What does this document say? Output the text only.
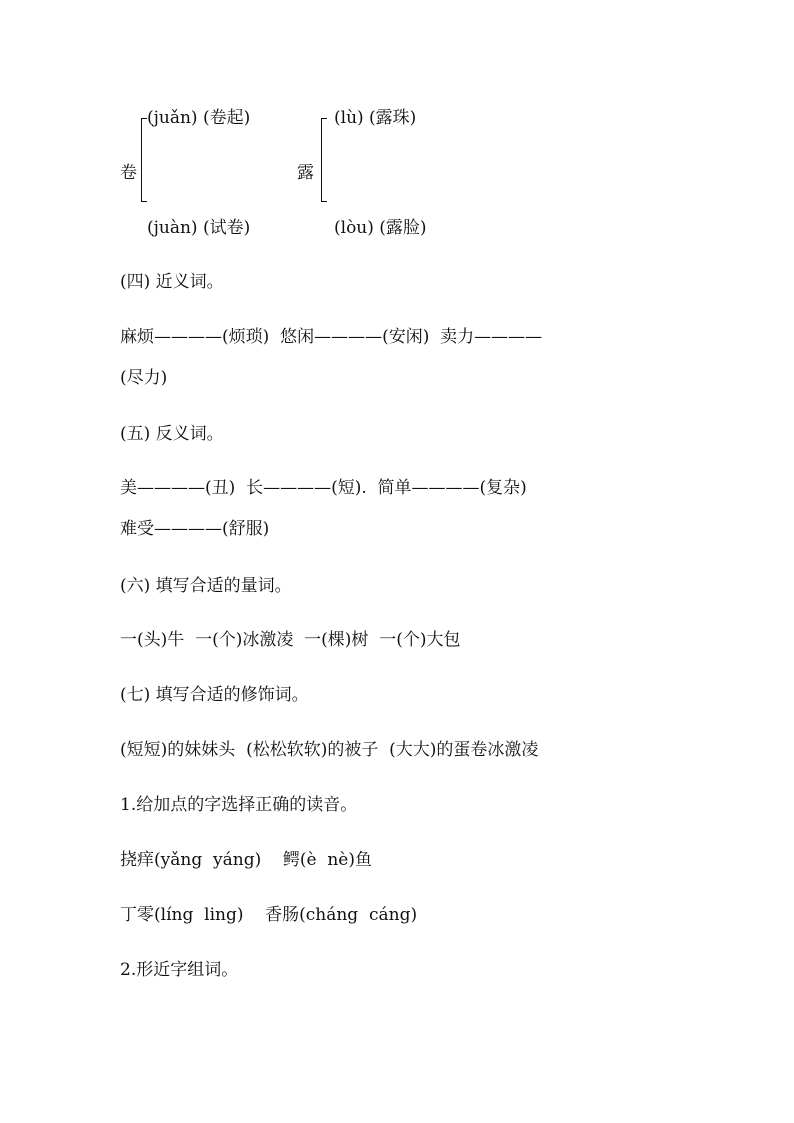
(juǎn) (卷起)
卷
(juàn) (试卷)
(lù) (露珠)
露
(lòu) (露脸)
(四) 近义词。
麻烦————(烦琐)  悠闲————(安闲)  卖力————
(尽力)
(五) 反义词。
美————(丑)  长————(短).  简单————(复杂)
难受————(舒服)
(六) 填写合适的量词。
一(头)牛  一(个)冰激凌  一(棵)树  一(个)大包
(七) 填写合适的修饰词。
(短短)的妹妹头  (松松软软)的被子  (大大)的蛋卷冰激凌
1.给加点的字选择正确的读音。
挠痒(yǎng  yáng)    鳄(è  nè)鱼
丁零(líng  ling)    香肠(cháng  cáng)
2.形近字组词。
